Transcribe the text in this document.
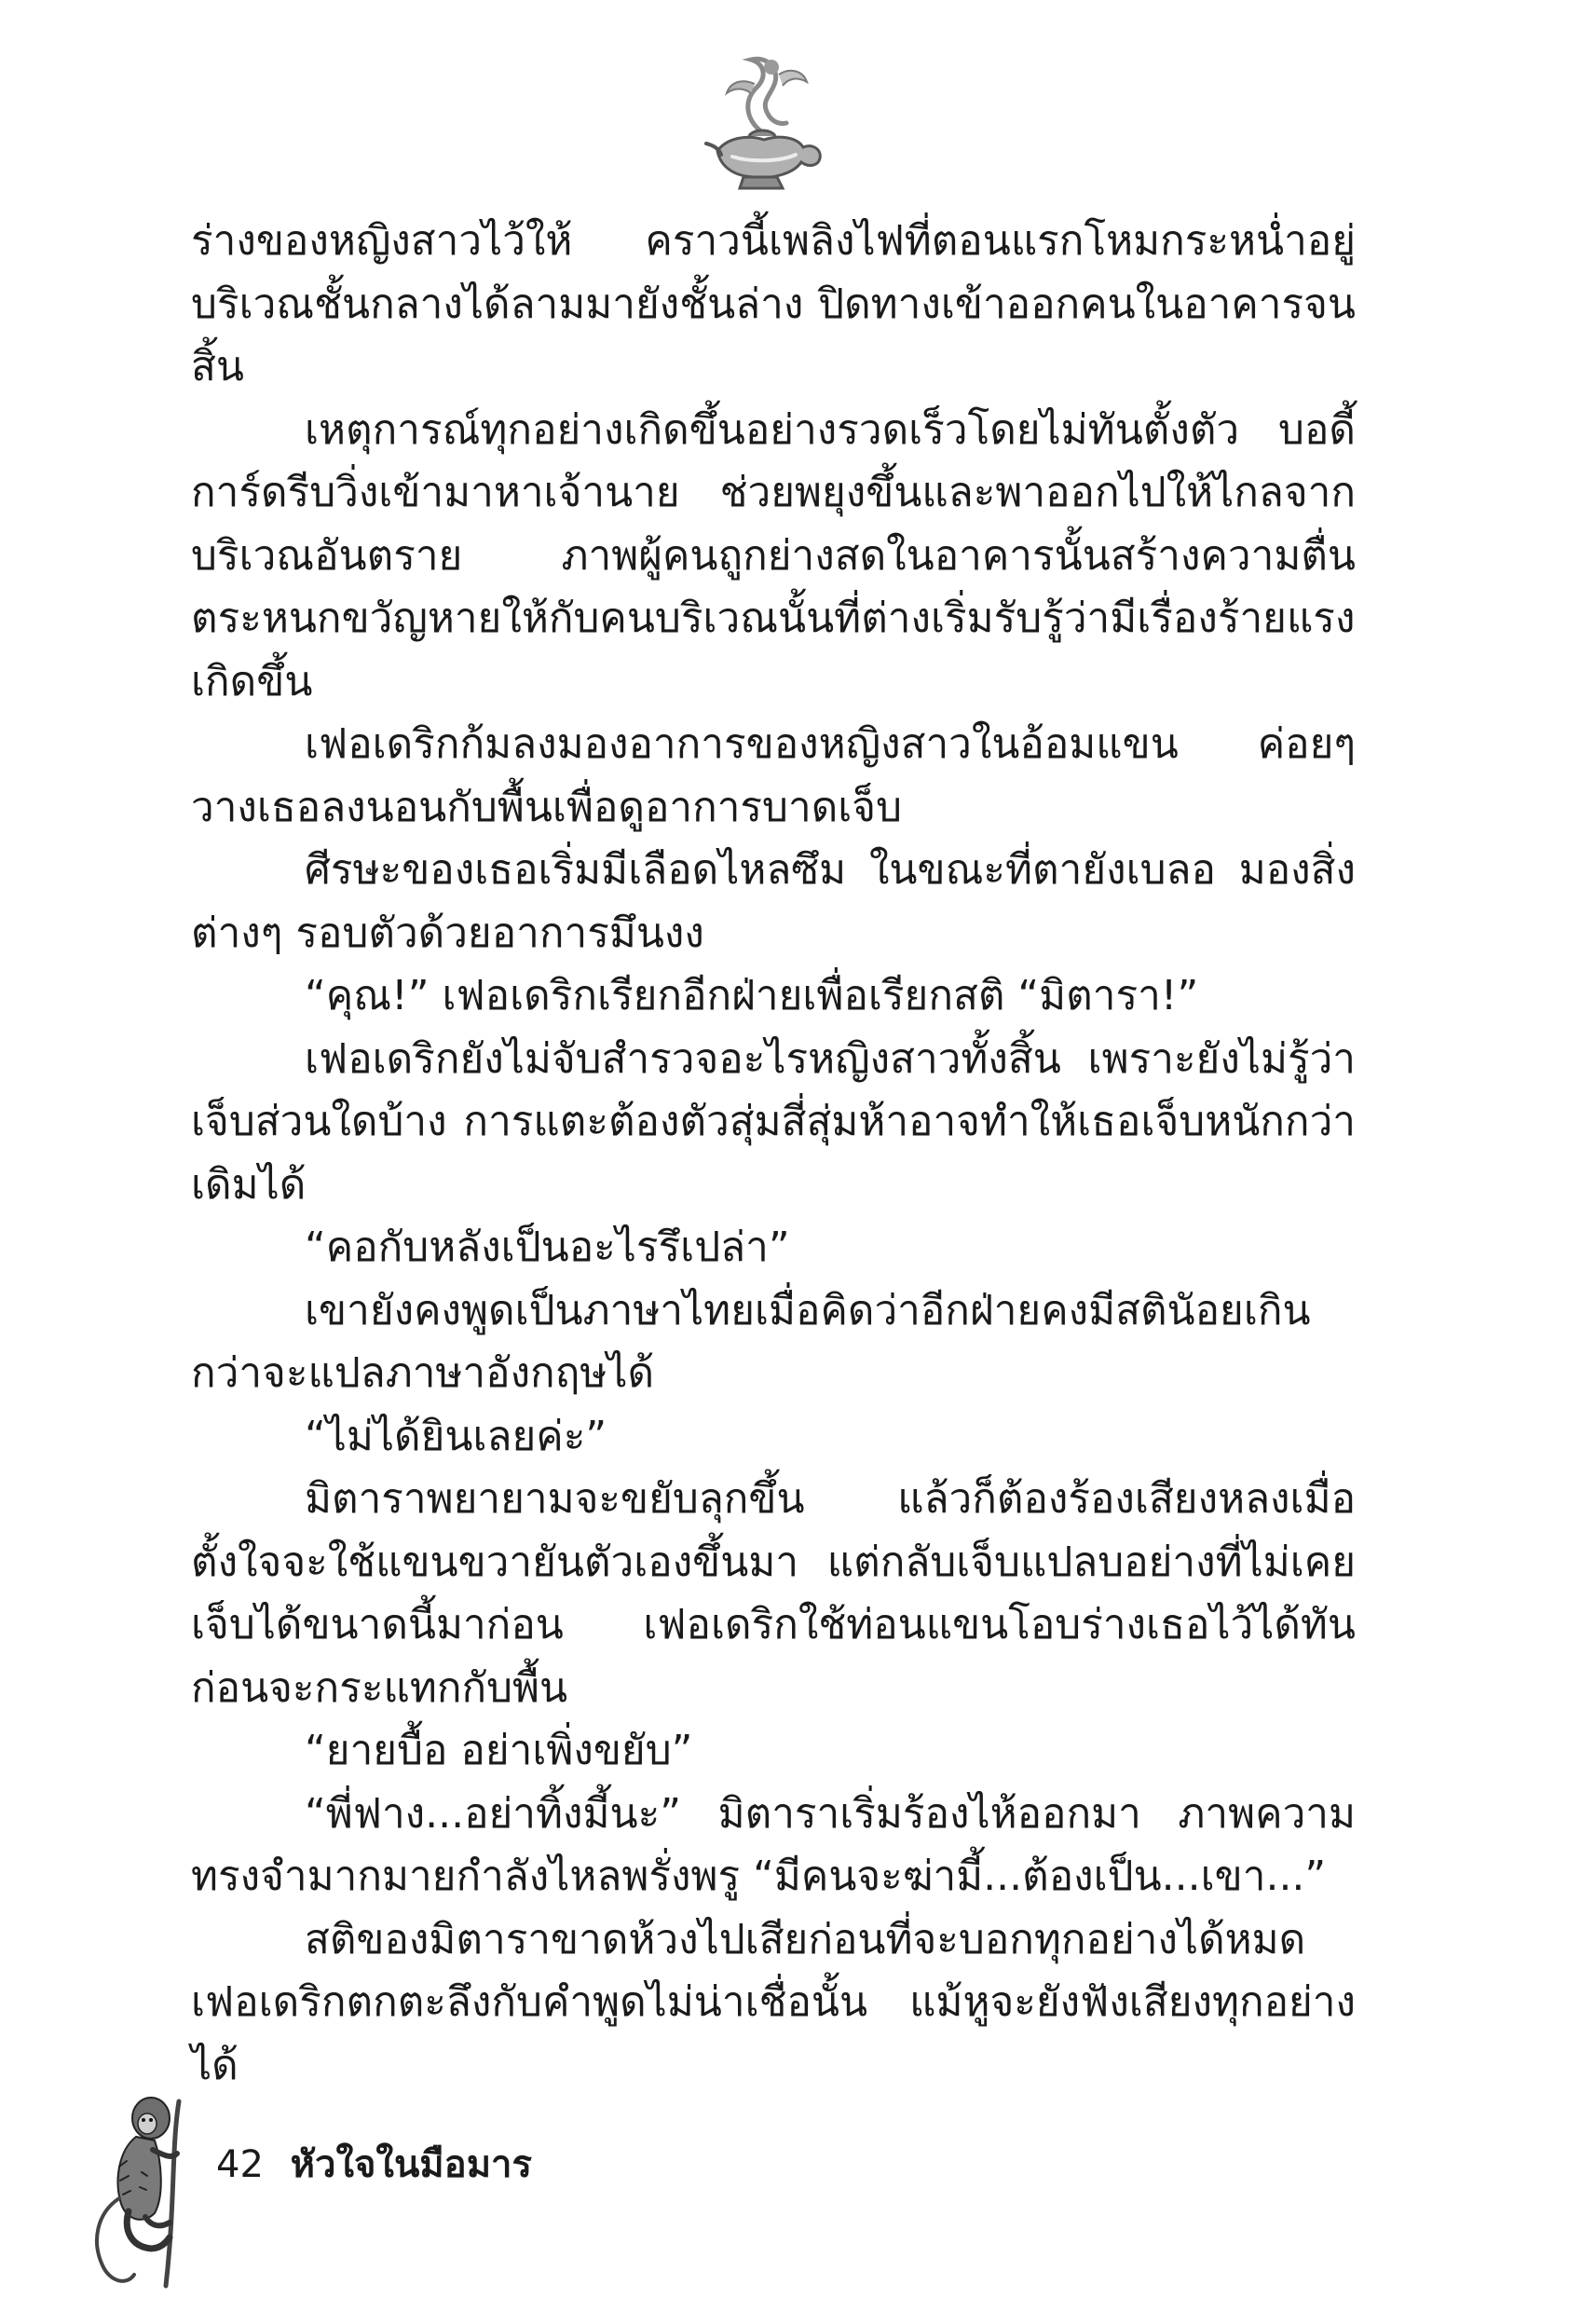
ร่างของหญิงสาวไว้ให้ คราวนี้เพลิงไฟที่ตอนแรกโหมกระหน่ำอยู่บริเวณชั้นกลางได้ลามมายังชั้นล่าง ปิดทางเข้าออกคนในอาคารจนสิ้น

เหตุการณ์ทุกอย่างเกิดขึ้นอย่างรวดเร็วโดยไม่ทันตั้งตัว บอดี้การ์ดรีบวิ่งเข้ามาหาเจ้านาย ช่วยพยุงขึ้นและพาออกไปให้ไกลจากบริเวณอันตราย ภาพผู้คนถูกย่างสดในอาคารนั้นสร้างความตื่นตระหนกขวัญหายให้กับคนบริเวณนั้นที่ต่างเริ่มรับรู้ว่ามีเรื่องร้ายแรงเกิดขึ้น

เฟอเดริกก้มลงมองอาการของหญิงสาวในอ้อมแขน ค่อยๆ วางเธอลงนอนกับพื้นเพื่อดูอาการบาดเจ็บ

ศีรษะของเธอเริ่มมีเลือดไหลซึม ในขณะที่ตายังเบลอ มองสิ่งต่างๆ รอบตัวด้วยอาการมึนงง

“คุณ!” เฟอเดริกเรียกอีกฝ่ายเพื่อเรียกสติ “มิตารา!”

เฟอเดริกยังไม่จับสำรวจอะไรหญิงสาวทั้งสิ้น เพราะยังไม่รู้ว่าเจ็บส่วนใดบ้าง การแตะต้องตัวสุ่มสี่สุ่มห้าอาจทำให้เธอเจ็บหนักกว่าเดิมได้

“คอกับหลังเป็นอะไรรึเปล่า”

เขายังคงพูดเป็นภาษาไทยเมื่อคิดว่าอีกฝ่ายคงมีสตินัอยเกินกว่าจะแปลภาษาอังกฤษได้

“ไม่ได้ยินเลยค่ะ”

มิตาราพยายามจะขยับลุกขึ้น แล้วก็ต้องร้องเสียงหลงเมื่อตั้งใจจะใช้แขนขวายันตัวเองขึ้นมา แต่กลับเจ็บแปลบอย่างที่ไม่เคยเจ็บได้ขนาดนี้มาก่อน เฟอเดริกใช้ท่อนแขนโอบร่างเธอไว้ได้ทันก่อนจะกระแทกกับพื้น

“ยายบื้อ อย่าเพิ่งขยับ”

“พี่ฟาง...อย่าทิ้งมี้นะ” มิตาราเริ่มร้องไห้ออกมา ภาพความทรงจำมากมายกำลังไหลพรั่งพรู “มีคนจะฆ่ามี้...ต้องเป็น...เขา...”

สติของมิตาราขาดห้วงไปเสียก่อนที่จะบอกทุกอย่างได้หมด เฟอเดริกตกตะลึงกับคำพูดไม่น่าเชื่อนั้น แม้หูจะยังฟังเสียงทุกอย่างได้

42 หัวใจในมือมาร
